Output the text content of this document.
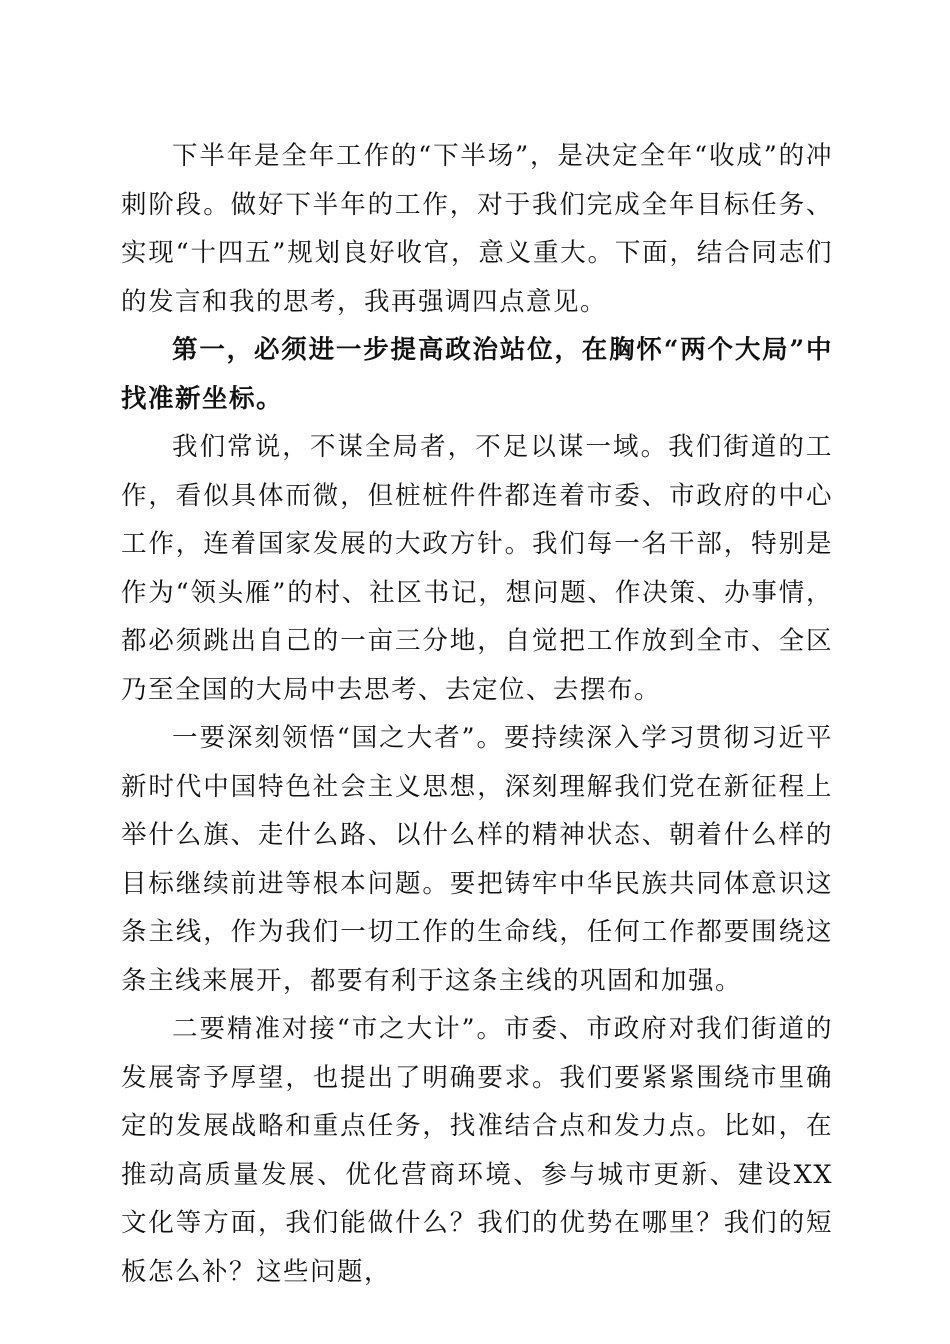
下半年是全年工作的“下半场”，是决定全年“收成”的冲刺阶段。做好下半年的工作，对于我们完成全年目标任务、实现“十四五”规划良好收官，意义重大。下面，结合同志们的发言和我的思考，我再强调四点意见。

第一，必须进一步提高政治站位，在胸怀“两个大局”中找准新坐标。

我们常说，不谋全局者，不足以谋一域。我们街道的工作，看似具体而微，但桩桩件件都连着市委、市政府的中心工作，连着国家发展的大政方针。我们每一名干部，特别是作为“领头雁”的村、社区书记，想问题、作决策、办事情，都必须跳出自己的一亩三分地，自觉把工作放到全市、全区乃至全国的大局中去思考、去定位、去摆布。

一要深刻领悟“国之大者”。要持续深入学习贯彻习近平新时代中国特色社会主义思想，深刻理解我们党在新征程上举什么旗、走什么路、以什么样的精神状态、朝着什么样的目标继续前进等根本问题。要把铸牢中华民族共同体意识这条主线，作为我们一切工作的生命线，任何工作都要围绕这条主线来展开，都要有利于这条主线的巩固和加强。

二要精准对接“市之大计”。市委、市政府对我们街道的发展寄予厚望，也提出了明确要求。我们要紧紧围绕市里确定的发展战略和重点任务，找准结合点和发力点。比如，在推动高质量发展、优化营商环境、参与城市更新、建设XX文化等方面，我们能做什么？我们的优势在哪里？我们的短板怎么补？这些问题，
